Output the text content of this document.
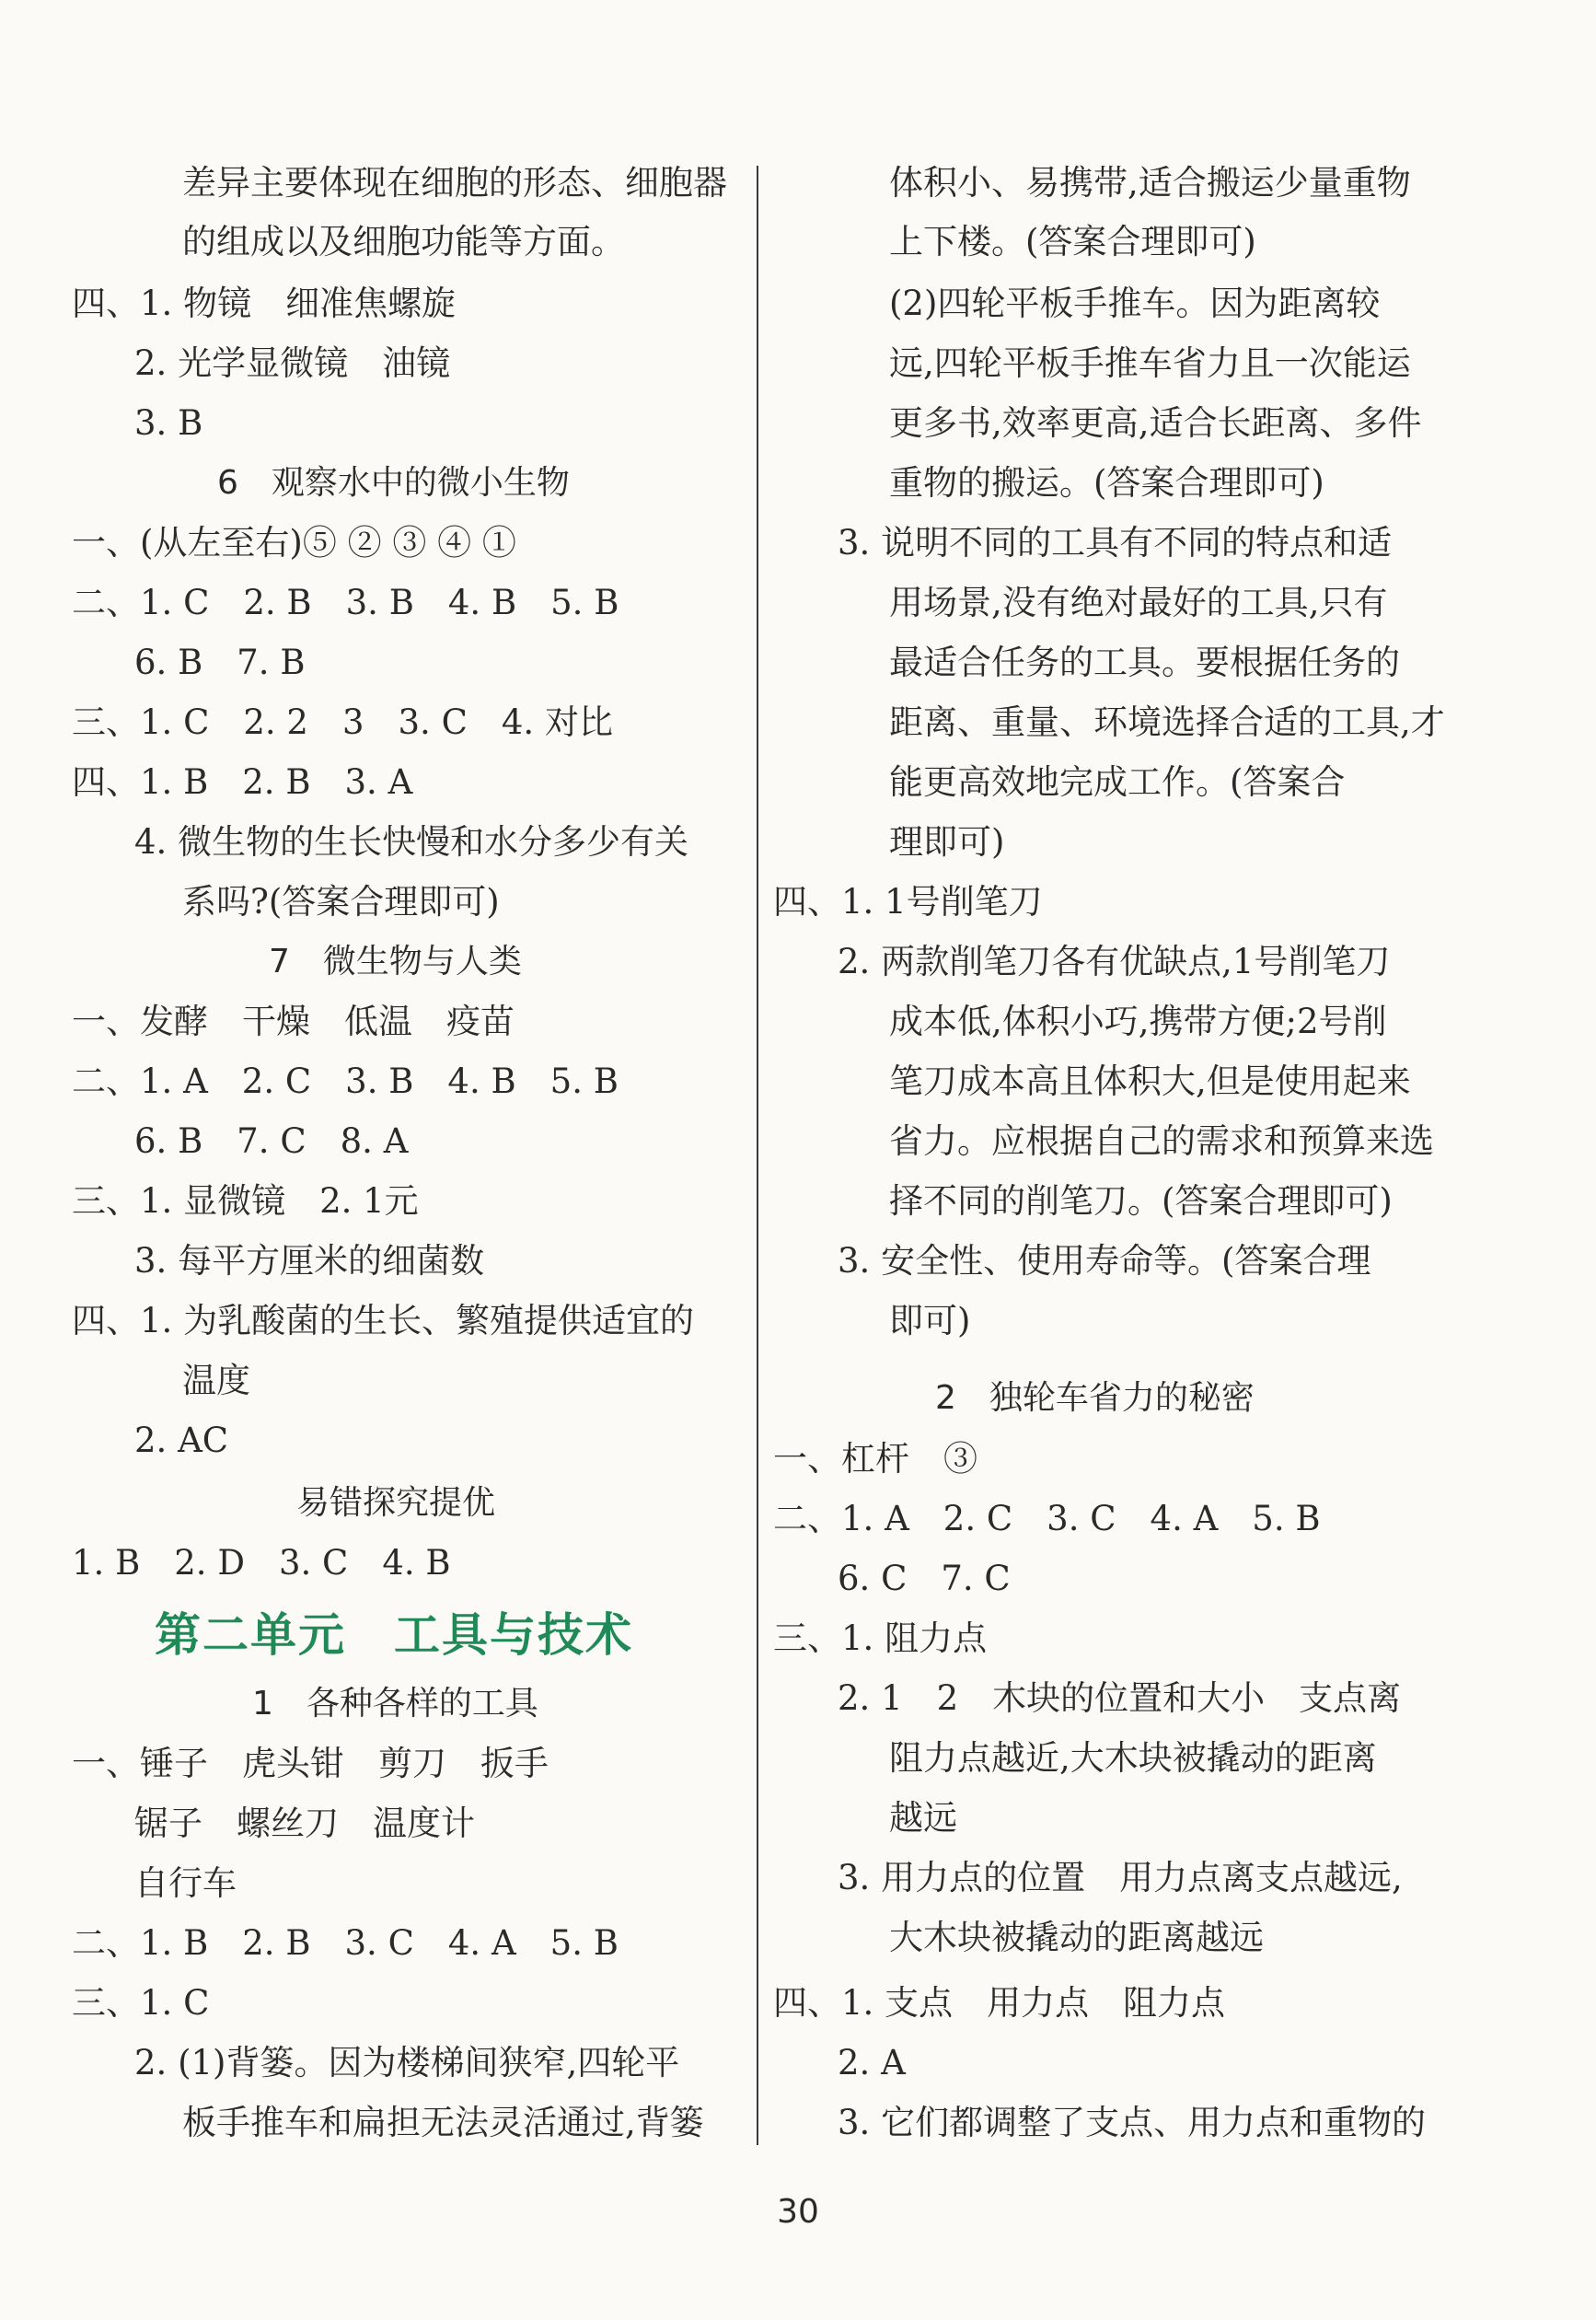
差异主要体现在细胞的形态、细胞器
的组成以及细胞功能等方面。
四、1. 物镜　细准焦螺旋
2. 光学显微镜　油镜
3. B
6　观察水中的微小生物
一、(从左至右)⑤ ② ③ ④ ①
二、1. C　2. B　3. B　4. B　5. B
6. B　7. B
三、1. C　2. 2　3　3. C　4. 对比
四、1. B　2. B　3. A
4. 微生物的生长快慢和水分多少有关
系吗?(答案合理即可)
7　微生物与人类
一、发酵　干燥　低温　疫苗
二、1. A　2. C　3. B　4. B　5. B
6. B　7. C　8. A
三、1. 显微镜　2. 1元
3. 每平方厘米的细菌数
四、1. 为乳酸菌的生长、繁殖提供适宜的
温度
2. AC
易错探究提优
1. B　2. D　3. C　4. B
第二单元　工具与技术
1　各种各样的工具
一、锤子　虎头钳　剪刀　扳手
锯子　螺丝刀　温度计
自行车
二、1. B　2. B　3. C　4. A　5. B
三、1. C
2. (1)背篓。因为楼梯间狭窄,四轮平
板手推车和扁担无法灵活通过,背篓
体积小、易携带,适合搬运少量重物
上下楼。(答案合理即可)
(2)四轮平板手推车。因为距离较
远,四轮平板手推车省力且一次能运
更多书,效率更高,适合长距离、多件
重物的搬运。(答案合理即可)
3. 说明不同的工具有不同的特点和适
用场景,没有绝对最好的工具,只有
最适合任务的工具。要根据任务的
距离、重量、环境选择合适的工具,才
能更高效地完成工作。(答案合
理即可)
四、1. 1号削笔刀
2. 两款削笔刀各有优缺点,1号削笔刀
成本低,体积小巧,携带方便;2号削
笔刀成本高且体积大,但是使用起来
省力。应根据自己的需求和预算来选
择不同的削笔刀。(答案合理即可)
3. 安全性、使用寿命等。(答案合理
即可)
2　独轮车省力的秘密
一、杠杆　③
二、1. A　2. C　3. C　4. A　5. B
6. C　7. C
三、1. 阻力点
2. 1　2　木块的位置和大小　支点离
阻力点越近,大木块被撬动的距离
越远
3. 用力点的位置　用力点离支点越远,
大木块被撬动的距离越远
四、1. 支点　用力点　阻力点
2. A
3. 它们都调整了支点、用力点和重物的
30
